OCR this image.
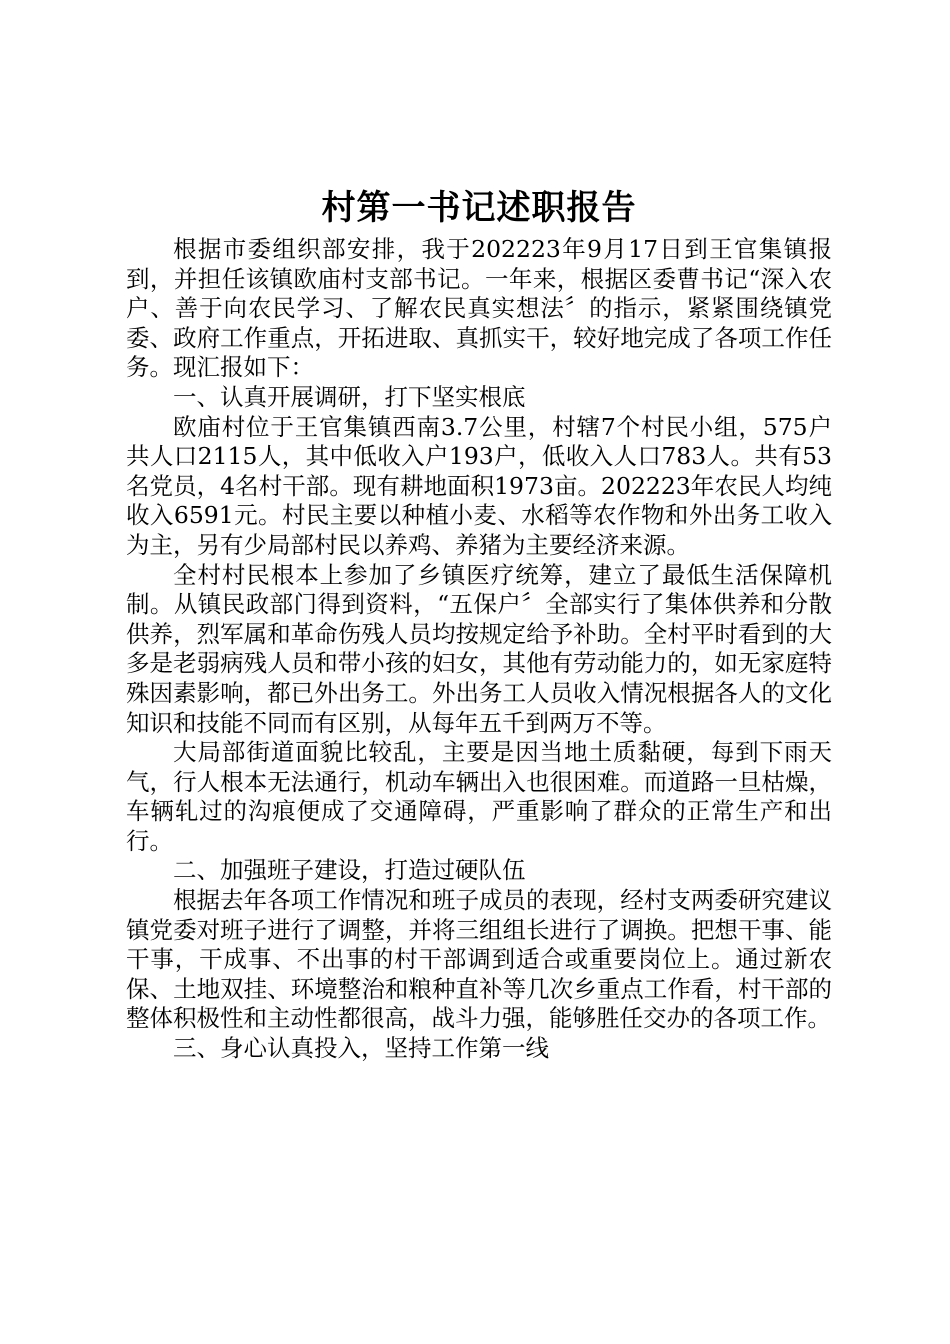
村第一书记述职报告

根据市委组织部安排，我于202223年9月17日到王官集镇报到，并担任该镇欧庙村支部书记。一年来，根据区委曹书记“深入农户、善于向农民学习、了解农民真实想法〞的指示，紧紧围绕镇党委、政府工作重点，开拓进取、真抓实干，较好地完成了各项工作任务。现汇报如下：

一、认真开展调研，打下坚实根底

欧庙村位于王官集镇西南3.7公里，村辖7个村民小组，575户共人口2115人，其中低收入户193户，低收入人口783人。共有53名党员，4名村干部。现有耕地面积1973亩。202223年农民人均纯收入6591元。村民主要以种植小麦、水稻等农作物和外出务工收入为主，另有少局部村民以养鸡、养猪为主要经济来源。

全村村民根本上参加了乡镇医疗统筹，建立了最低生活保障机制。从镇民政部门得到资料，“五保户〞全部实行了集体供养和分散供养，烈军属和革命伤残人员均按规定给予补助。全村平时看到的大多是老弱病残人员和带小孩的妇女，其他有劳动能力的，如无家庭特殊因素影响，都已外出务工。外出务工人员收入情况根据各人的文化知识和技能不同而有区别，从每年五千到两万不等。

大局部街道面貌比较乱，主要是因当地土质黏硬，每到下雨天气，行人根本无法通行，机动车辆出入也很困难。而道路一旦枯燥，车辆轧过的沟痕便成了交通障碍，严重影响了群众的正常生产和出行。

二、加强班子建设，打造过硬队伍

根据去年各项工作情况和班子成员的表现，经村支两委研究建议镇党委对班子进行了调整，并将三组组长进行了调换。把想干事、能干事，干成事、不出事的村干部调到适合或重要岗位上。通过新农保、土地双挂、环境整治和粮种直补等几次乡重点工作看，村干部的整体积极性和主动性都很高，战斗力强，能够胜任交办的各项工作。

三、身心认真投入，坚持工作第一线
